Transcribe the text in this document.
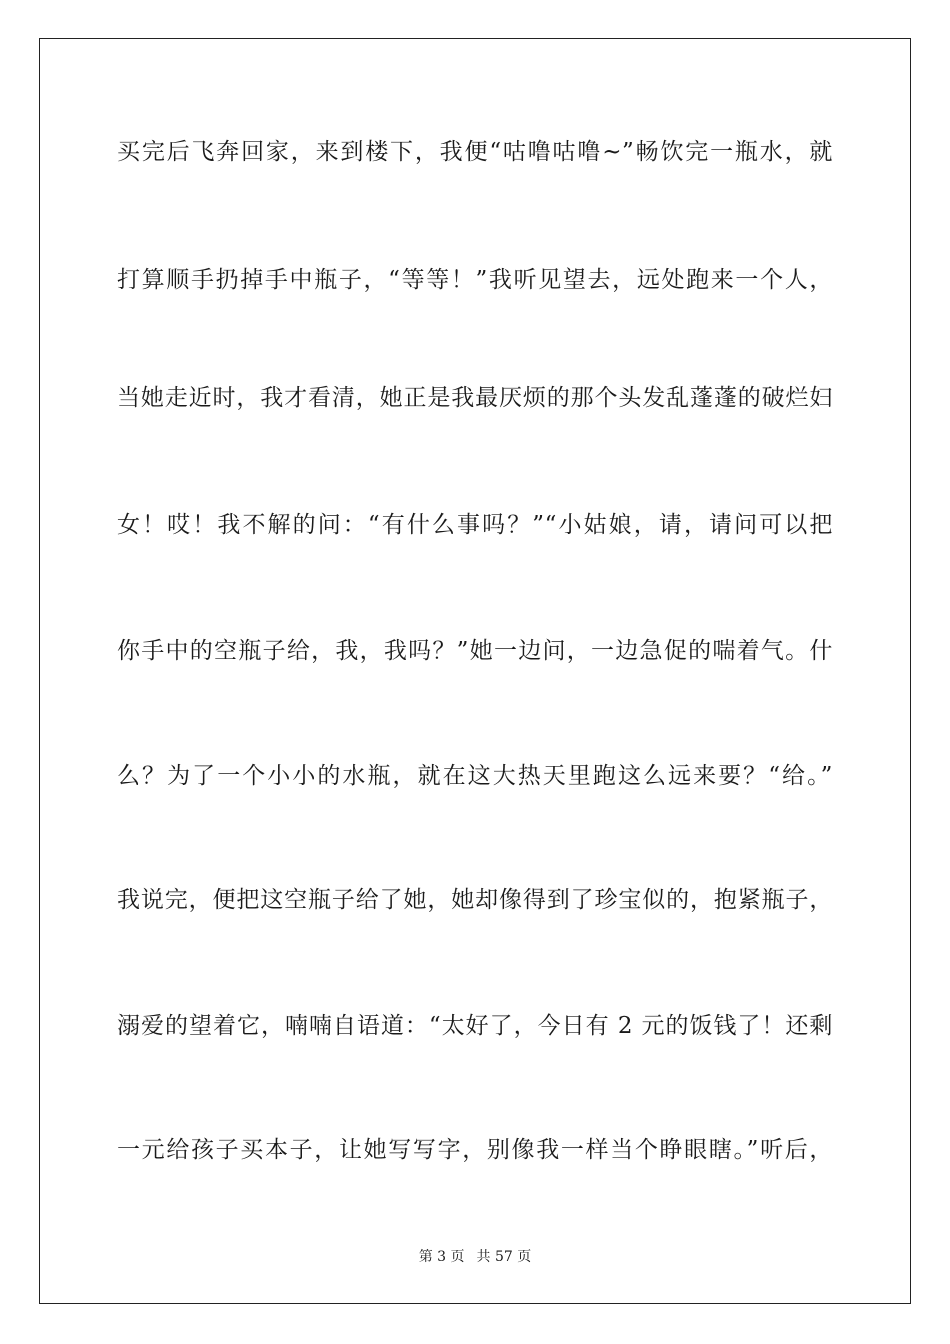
买完后飞奔回家，来到楼下，我便“咕噜咕噜~”畅饮完一瓶水，就
打算顺手扔掉手中瓶子，“等等！”我听见望去，远处跑来一个人，
当她走近时，我才看清，她正是我最厌烦的那个头发乱蓬蓬的破烂妇
女！哎！我不解的问：“有什么事吗？”“小姑娘，请，请问可以把
你手中的空瓶子给，我，我吗？”她一边问，一边急促的喘着气。什
么？为了一个小小的水瓶，就在这大热天里跑这么远来要？“给。”
我说完，便把这空瓶子给了她，她却像得到了珍宝似的，抱紧瓶子，
溺爱的望着它，喃喃自语道：“太好了，今日有 2 元的饭钱了！还剩
一元给孩子买本子，让她写写字，别像我一样当个睁眼瞎。”听后，
第 3 页 共 57 页
